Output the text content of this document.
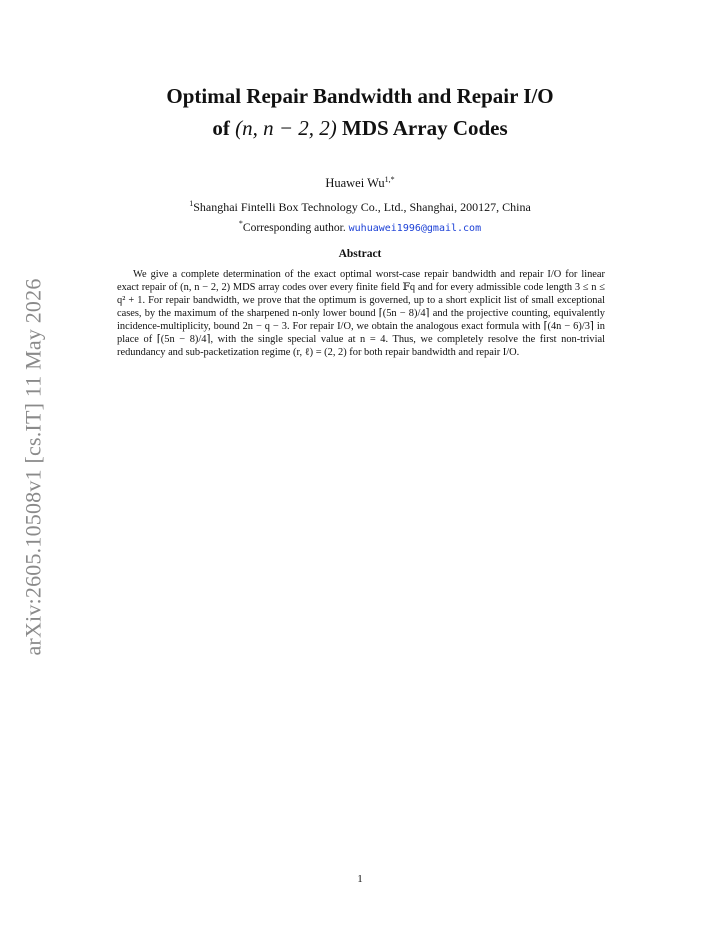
arXiv:2605.10508v1 [cs.IT] 11 May 2026
Optimal Repair Bandwidth and Repair I/O
of (n, n − 2, 2) MDS Array Codes
Huawei $Wu^{1,*}$
$^1$Shanghai Fintelli Box Technology Co., Ltd., Shanghai, 200127, China
*Corresponding author. wuhuawei1996@gmail.com
Abstract
We give a complete determination of the exact optimal worst-case repair bandwidth and repair I/O for linear exact repair of (n, n − 2, 2) MDS array codes over every finite field 𝔽q and for every admissible code length 3 ≤ n ≤ q² + 1. For repair bandwidth, we prove that the optimum is governed, up to a short explicit list of small exceptional cases, by the maximum of the sharpened n-only lower bound ⌈(5n − 8)/4⌉ and the projective counting, equivalently incidence-multiplicity, bound 2n − q − 3. For repair I/O, we obtain the analogous exact formula with ⌈(4n − 6)/3⌉ in place of ⌈(5n − 8)/4⌉, with the single special value at n = 4. Thus, we completely resolve the first non-trivial redundancy and sub-packetization regime (r, ℓ) = (2, 2) for both repair bandwidth and repair I/O.
1
